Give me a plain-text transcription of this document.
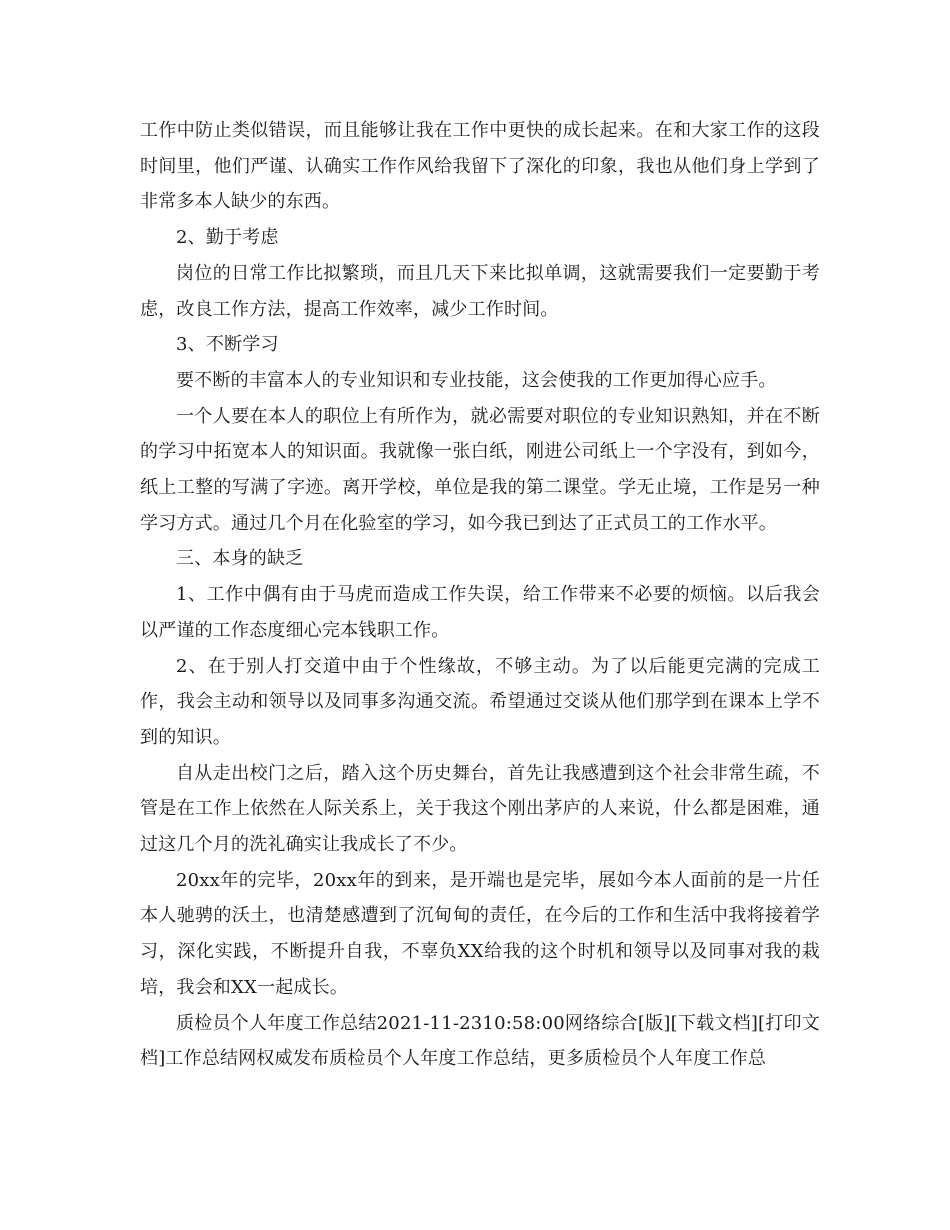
工作中防止类似错误，而且能够让我在工作中更快的成长起来。在和大家工作的这段时间里，他们严谨、认确实工作作风给我留下了深化的印象，我也从他们身上学到了非常多本人缺少的东西。

2、勤于考虑

岗位的日常工作比拟繁琐，而且几天下来比拟单调，这就需要我们一定要勤于考虑，改良工作方法，提高工作效率，减少工作时间。

3、不断学习

要不断的丰富本人的专业知识和专业技能，这会使我的工作更加得心应手。

一个人要在本人的职位上有所作为，就必需要对职位的专业知识熟知，并在不断的学习中拓宽本人的知识面。我就像一张白纸，刚进公司纸上一个字没有，到如今，纸上工整的写满了字迹。离开学校，单位是我的第二课堂。学无止境，工作是另一种学习方式。通过几个月在化验室的学习，如今我已到达了正式员工的工作水平。

三、本身的缺乏

1、工作中偶有由于马虎而造成工作失误，给工作带来不必要的烦恼。以后我会以严谨的工作态度细心完本钱职工作。

2、在于别人打交道中由于个性缘故，不够主动。为了以后能更完满的完成工作，我会主动和领导以及同事多沟通交流。希望通过交谈从他们那学到在课本上学不到的知识。

自从走出校门之后，踏入这个历史舞台，首先让我感遭到这个社会非常生疏，不管是在工作上依然在人际关系上，关于我这个刚出茅庐的人来说，什么都是困难，通过这几个月的洗礼确实让我成长了不少。

20xx年的完毕，20xx年的到来，是开端也是完毕，展如今本人面前的是一片任本人驰骋的沃土，也清楚感遭到了沉甸甸的责任，在今后的工作和生活中我将接着学习，深化实践，不断提升自我，不辜负XX给我的这个时机和领导以及同事对我的栽培，我会和XX一起成长。

质检员个人年度工作总结2021-11-2310:58:00网络综合[版][下载文档][打印文档]工作总结网权威发布质检员个人年度工作总结，更多质检员个人年度工作总
